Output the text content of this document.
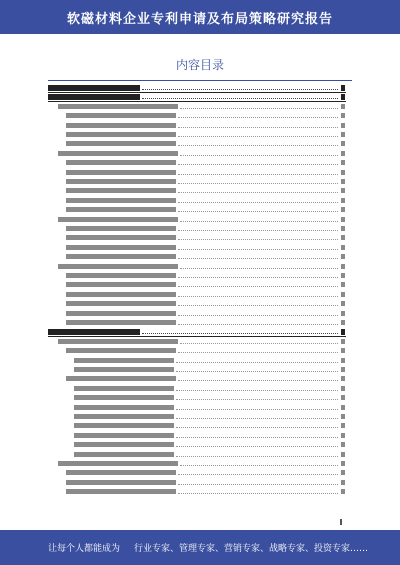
软磁材料企业专利申请及布局策略研究报告
内容目录
让每个人都能成为 行业专家、管理专家、营销专家、战略专家、投资专家……
